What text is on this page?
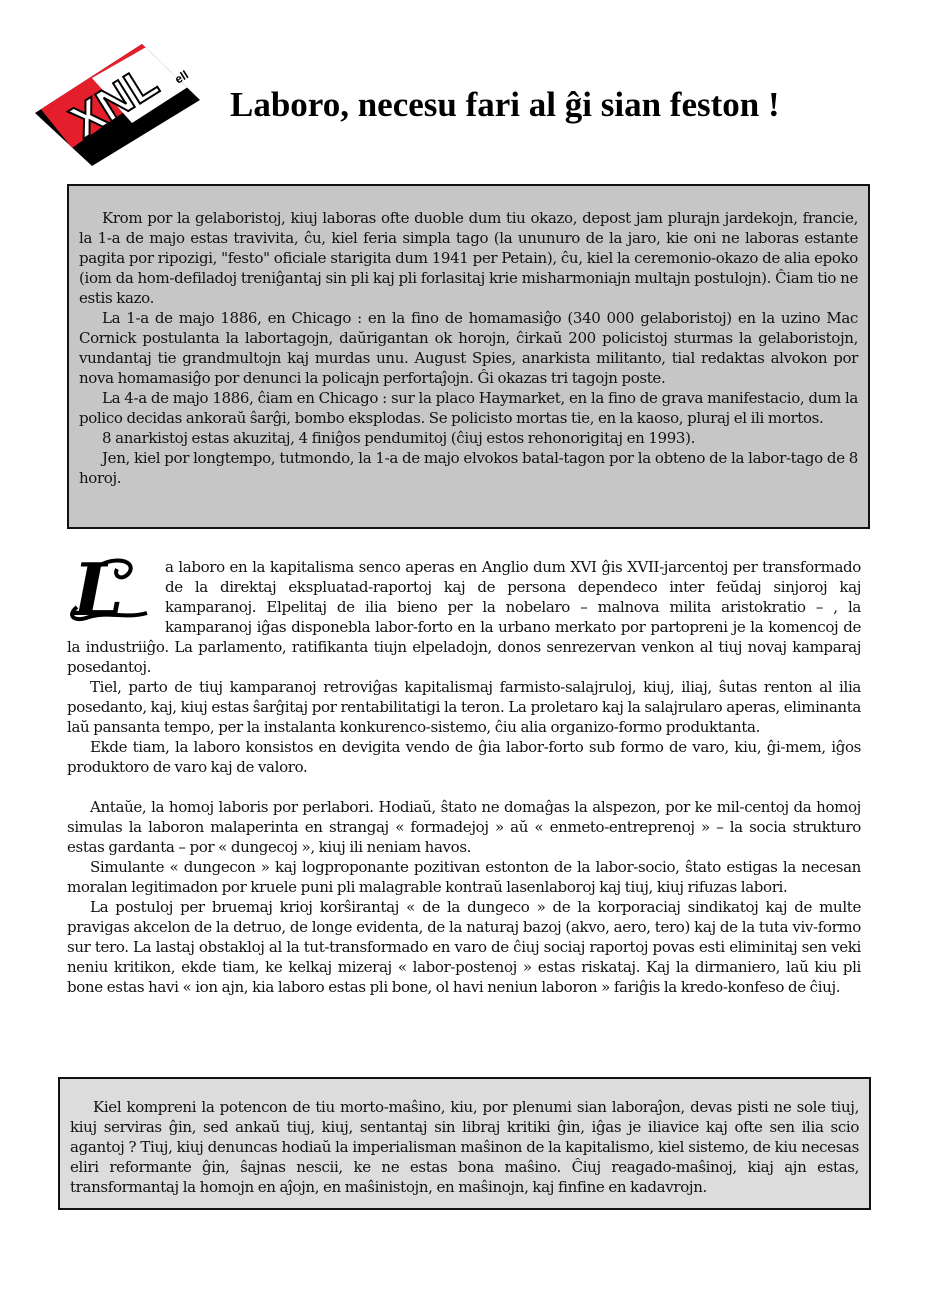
XNL ell
Laboro, necesu fari al ĝi sian feston !

Krom por la gelaboristoj, kiuj laboras ofte duoble dum tiu okazo, depost jam plurajn jardekojn, francie, la 1-a de majo estas travivita, ĉu, kiel feria simpla tago (la ununuro de la jaro, kie oni ne laboras estante pagita por ripozigi, "festo" oficiale starigita dum 1941 per Petain), ĉu, kiel la ceremonio-okazo de alia epoko (iom da hom-defiladoj treniĝantaj sin pli kaj pli forlasitaj krie misharmoniajn multajn postulojn). Ĉiam tio ne estis kazo.

La 1-a de majo 1886, en Chicago : en la fino de homamasiĝo (340 000 gelaboristoj) en la uzino Mac Cornick postulanta la labortagojn, daŭrigantan ok horojn, ĉirkaŭ 200 policistoj sturmas la gelaboristojn, vundantaj tie grandmultojn kaj murdas unu. August Spies, anarkista militanto, tial redaktas alvokon por nova homamasiĝo por denunci la policajn perfortaĵojn. Ĝi okazas tri tagojn poste.

La 4-a de majo 1886, ĉiam en Chicago : sur la placo Haymarket, en la fino de grava manifestacio, dum la polico decidas ankoraŭ ŝarĝi, bombo eksplodas. Se policisto mortas tie, en la kaoso, pluraj el ili mortos.

8 anarkistoj estas akuzitaj, 4 finiĝos pendumitoj (ĉiuj estos rehonorigitaj en 1993).

Jen, kiel por longtempo, tutmondo, la 1-a de majo elvokos batal-tagon por la obteno de la labor-tago de 8 horoj.

L	a laboro en la kapitalisma senco aperas en Anglio dum XVI ĝis XVII-jarcentoj per transformado de la direktaj ekspluatad-raportoj kaj de persona dependeco inter feŭdaj sinjoroj kaj kamparanoj. Elpelitaj de ilia bieno per la nobelaro – malnova milita aristokratio – , la kamparanoj iĝas disponebla labor-forto en la urbano merkato por partopreni je la komencoj de la industriiĝo. La parlamento, ratifikanta tiujn elpeladojn, donos senrezervan venkon al tiuj novaj kamparaj posedantoj.

Tiel, parto de tiuj kamparanoj retroviĝas kapitalismaj farmisto-salajruloj, kiuj, iliaj, ŝutas renton al ilia posedanto, kaj, kiuj estas ŝarĝitaj por rentabilitatigi la teron. La proletaro kaj la salajrularo aperas, eliminanta laŭ pansanta tempo, per la instalanta konkurenco-sistemo, ĉiu alia organizo-formo produktanta.

Ekde tiam, la laboro konsistos en devigita vendo de ĝia labor-forto sub formo de varo, kiu, ĝi-mem, iĝos produktoro de varo kaj de valoro.

Antaŭe, la homoj laboris por perlabori. Hodiaŭ, ŝtato ne domaĝas la alspezon, por ke mil-centoj da homoj simulas la laboron malaperinta en strangaj « formadejoj » aŭ « enmeto-entreprenoj » – la socia strukturo estas gardanta – por « dungecoj », kiuj ili neniam havos.

Simulante « dungecon » kaj logproponante pozitivan estonton de la labor-socio, ŝtato estigas la necesan moralan legitimadon por kruele puni pli malagrable kontraŭ lasenlaboroj kaj tiuj, kiuj rifuzas labori.

La postuloj per bruemaj krioj korŝirantaj « de la dungeco » de la korporaciaj sindikatoj kaj de multe pravigas akcelon de la detruo, de longe evidenta, de la naturaj bazoj (akvo, aero, tero) kaj de la tuta viv-formo sur tero. La lastaj obstakloj al la tut-transformado en varo de ĉiuj sociaj raportoj povas esti eliminitaj sen veki neniu kritikon, ekde tiam, ke kelkaj mizeraj « labor-postenoj » estas riskataj. Kaj la dirmaniero, laŭ kiu pli bone estas havi « ion ajn, kia laboro estas pli bone, ol havi neniun laboron » fariĝis la kredo-konfeso de ĉiuj.

Kiel kompreni la potencon de tiu morto-maŝino, kiu, por plenumi sian laboraĵon, devas pisti ne sole tiuj, kiuj serviras ĝin, sed ankaŭ tiuj, kiuj, sentantaj sin libraj kritiki ĝin, iĝas je iliavice kaj ofte sen ilia scio agantoj ? Tiuj, kiuj denuncas hodiaŭ la imperialisman maŝinon de la kapitalismo, kiel sistemo, de kiu necesas eliri reformante ĝin, ŝajnas nescii, ke ne estas bona maŝino. Ĉiuj reagado-maŝinoj, kiaj ajn estas, transformantaj la homojn en aĵojn, en maŝinistojn, en maŝinojn, kaj finfine en kadavrojn.
